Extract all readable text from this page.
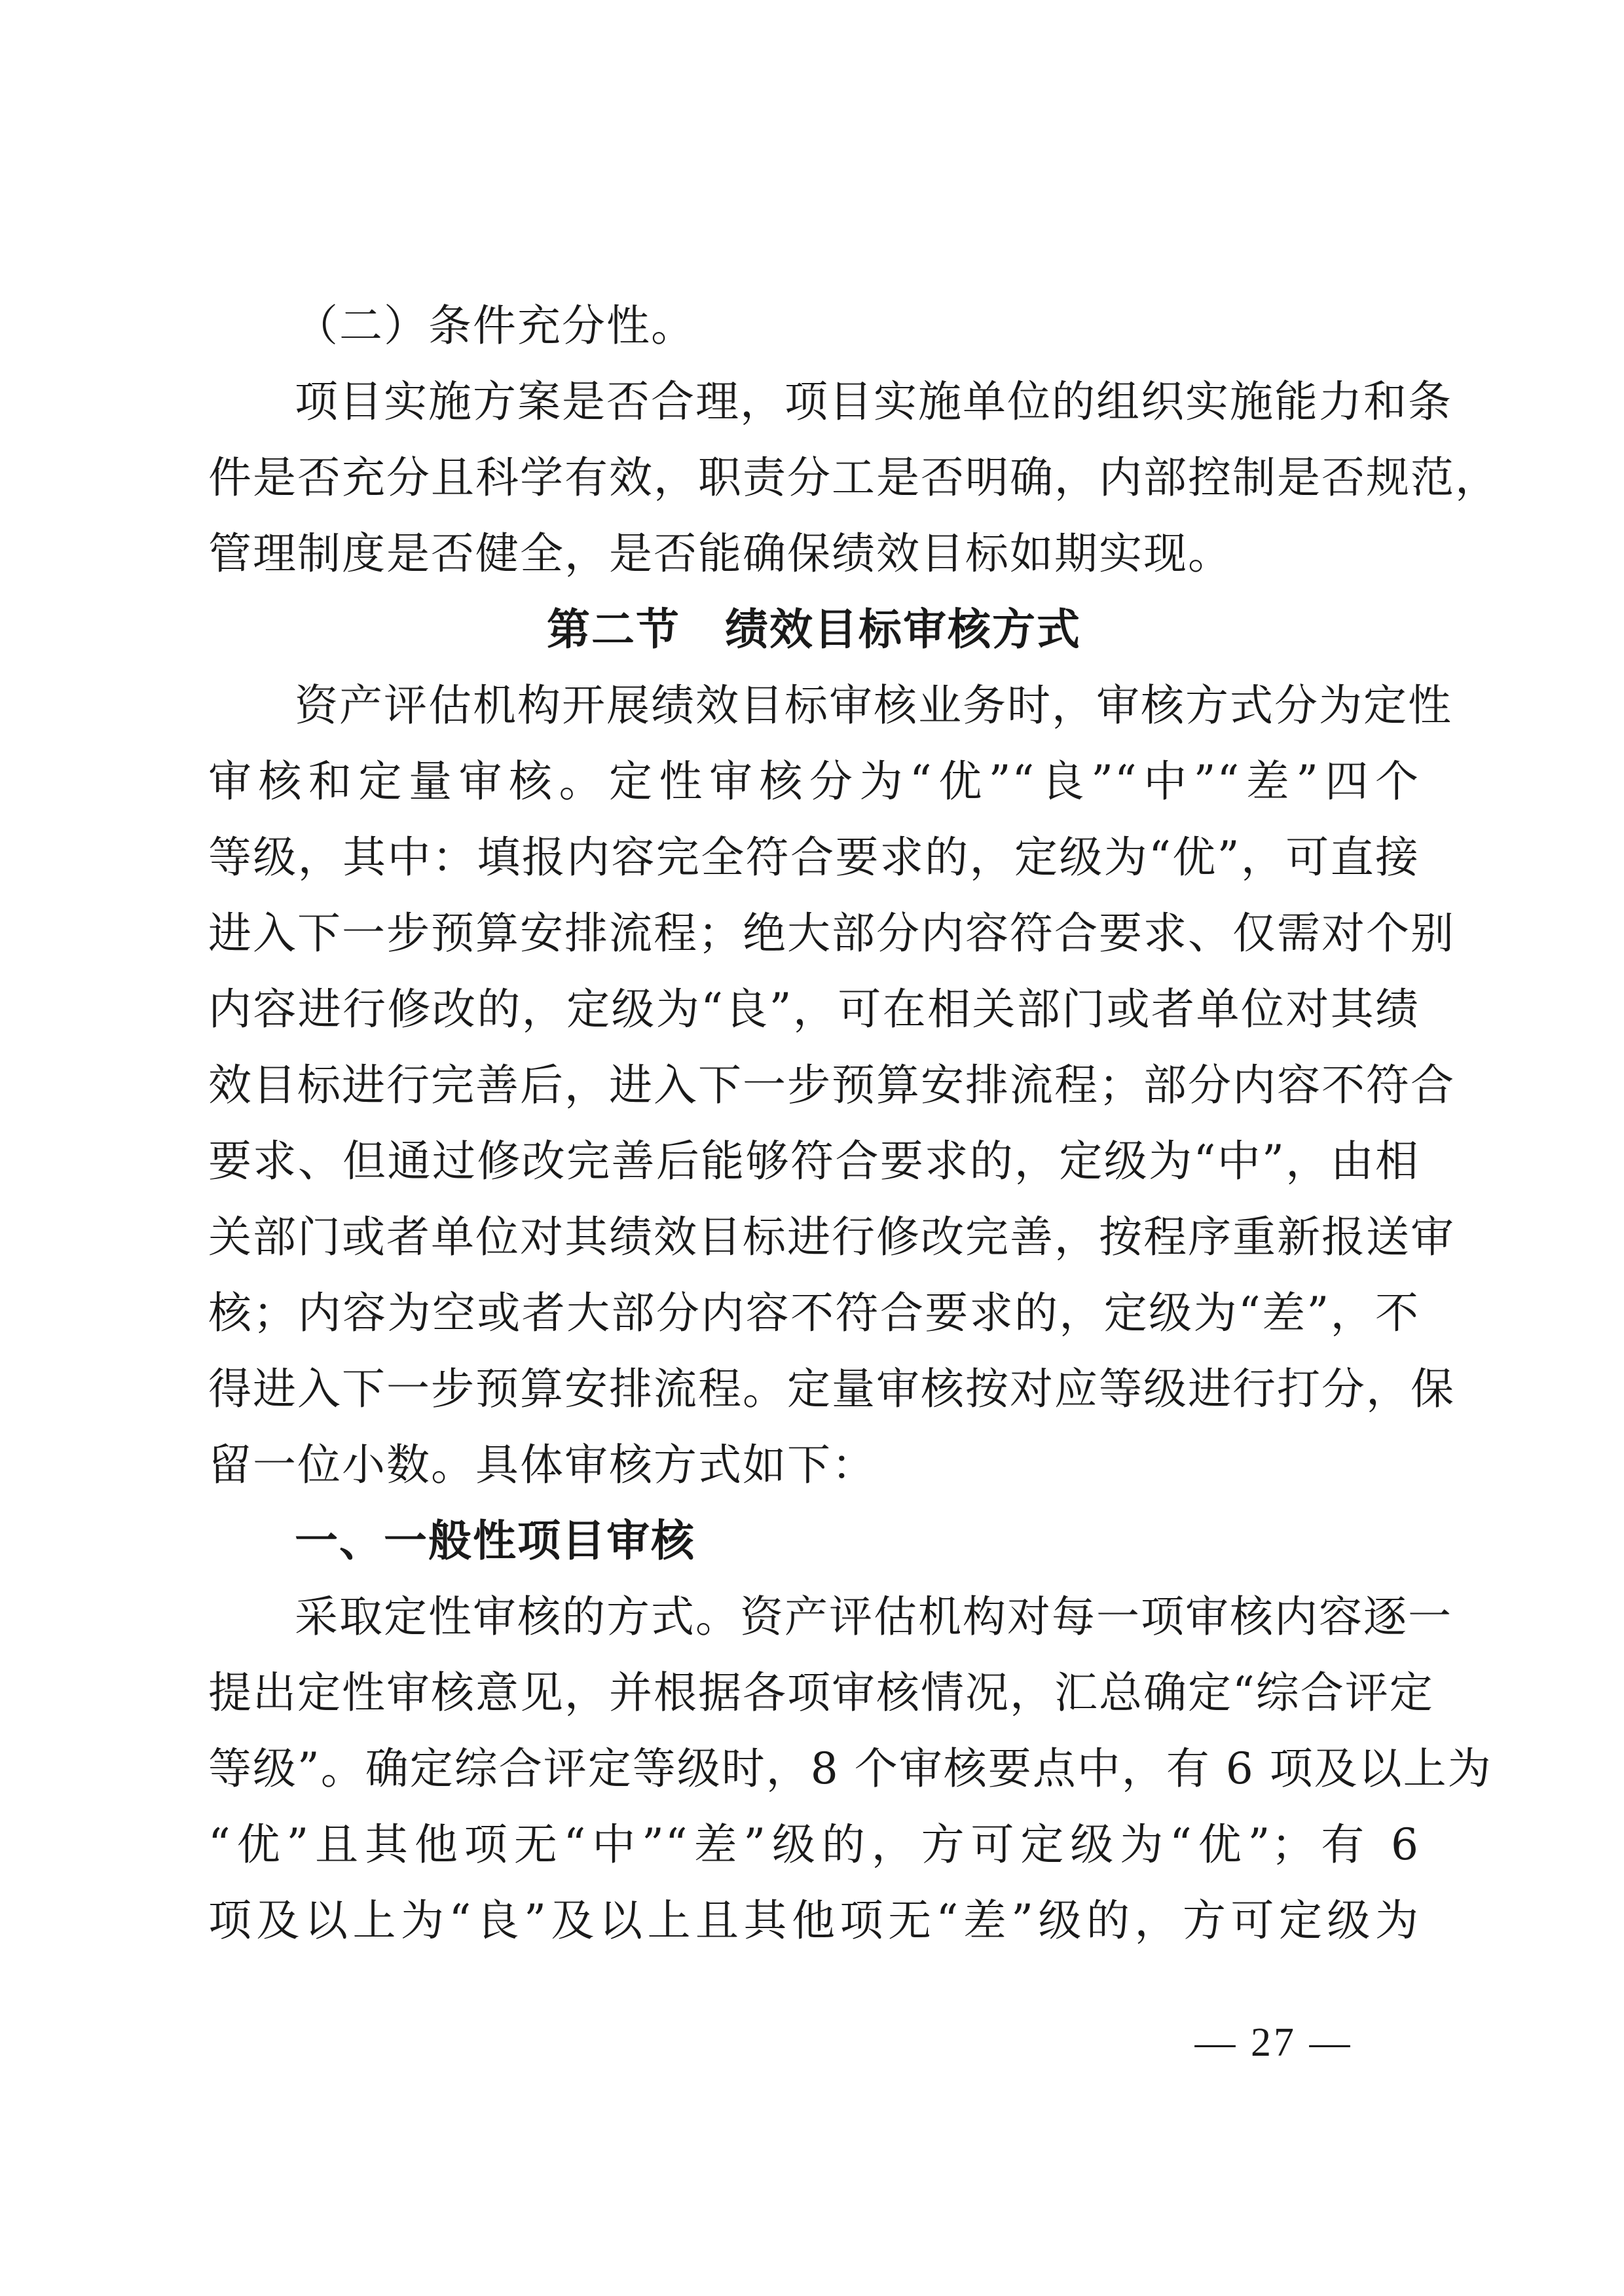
（二）条件充分性。
项目实施方案是否合理，项目实施单位的组织实施能力和条
件是否充分且科学有效，职责分工是否明确，内部控制是否规范，
管理制度是否健全，是否能确保绩效目标如期实现。
第二节　绩效目标审核方式
资产评估机构开展绩效目标审核业务时，审核方式分为定性
审核和定量审核。定性审核分为“优”“良”“中”“差”四个
等级，其中：填报内容完全符合要求的，定级为“优”，可直接
进入下一步预算安排流程；绝大部分内容符合要求、仅需对个别
内容进行修改的，定级为“良”，可在相关部门或者单位对其绩
效目标进行完善后，进入下一步预算安排流程；部分内容不符合
要求、但通过修改完善后能够符合要求的，定级为“中”，由相
关部门或者单位对其绩效目标进行修改完善，按程序重新报送审
核；内容为空或者大部分内容不符合要求的，定级为“差”，不
得进入下一步预算安排流程。定量审核按对应等级进行打分，保
留一位小数。具体审核方式如下：
一、一般性项目审核
采取定性审核的方式。资产评估机构对每一项审核内容逐一
提出定性审核意见，并根据各项审核情况，汇总确定“综合评定
等级”。确定综合评定等级时，8 个审核要点中，有 6 项及以上为
“优”且其他项无“中”“差”级的，方可定级为“优”；有 6
项及以上为“良”及以上且其他项无“差”级的，方可定级为
— 27 —
